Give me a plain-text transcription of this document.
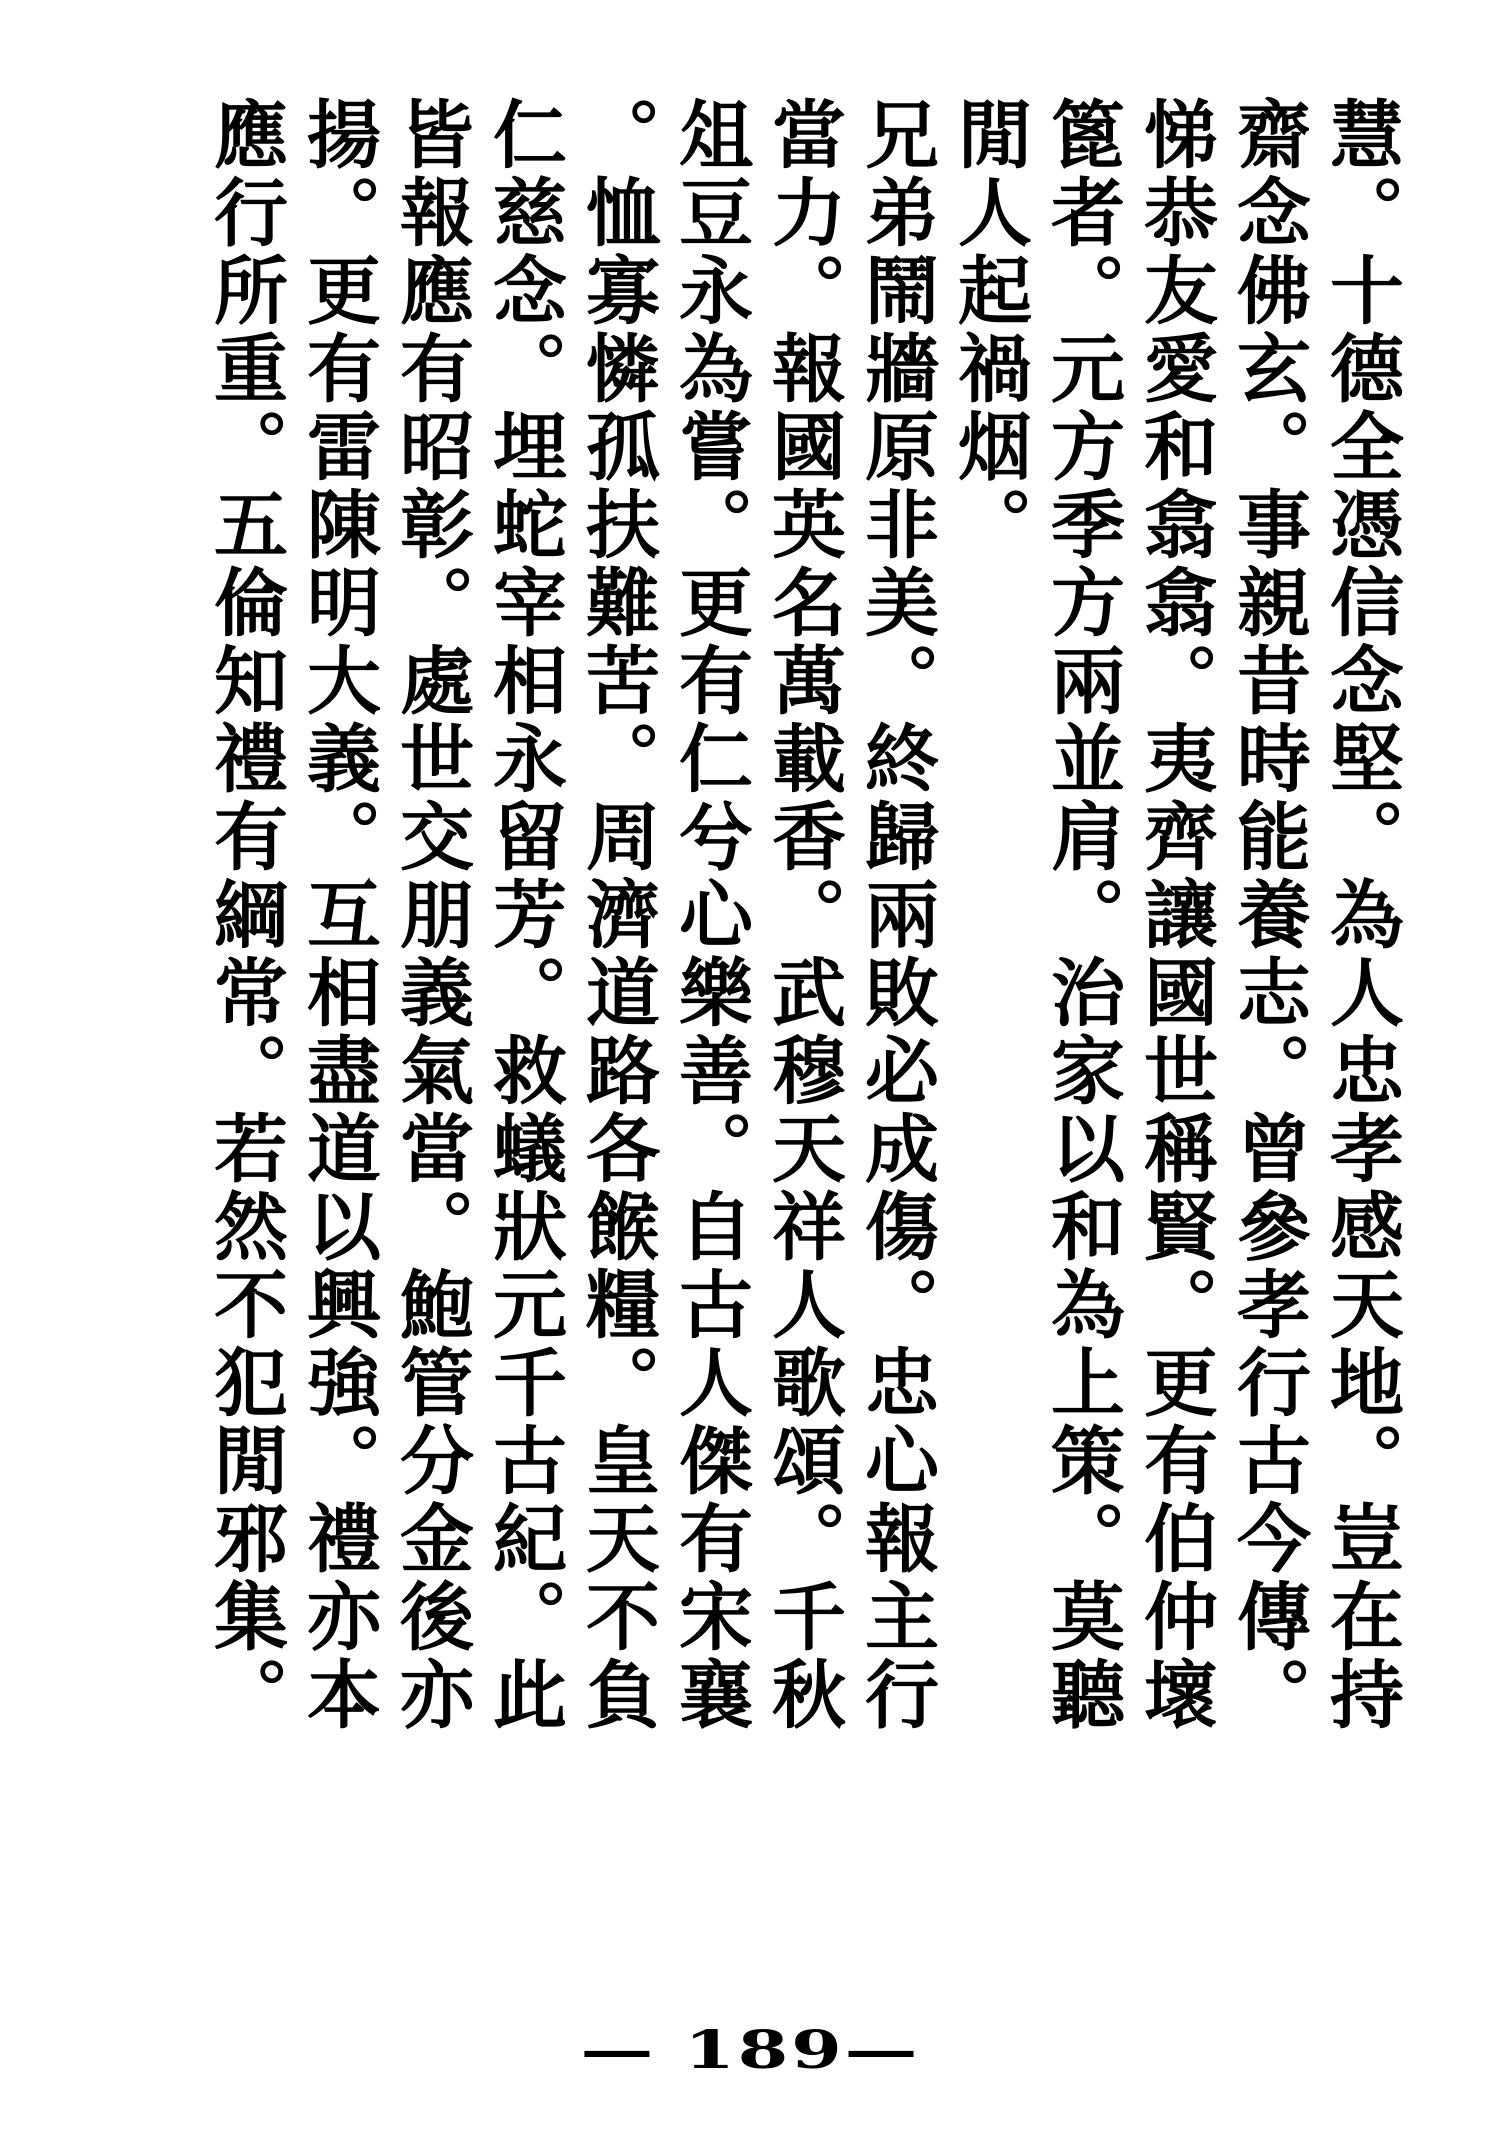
慧。十德全憑信念堅。為人忠孝感天地。豈在持
齋念佛玄。事親昔時能養志。曾參孝行古今傳。
悌恭友愛和翕翕。夷齊讓國世稱賢。更有伯仲壞
篦者。元方季方兩並肩。治家以和為上策。莫聽
閒人起禍烟。
兄弟鬧牆原非美。終歸兩敗必成傷。忠心報主行
當力。報國英名萬載香。武穆天祥人歌頌。千秋
俎豆永為嘗。更有仁兮心樂善。自古人傑有宋襄
。恤寡憐孤扶難苦。周濟道路各餱糧。皇天不負
仁慈念。埋蛇宰相永留芳。救蟻狀元千古紀。此
皆報應有昭彰。處世交朋義氣當。鮑管分金後亦
揚。更有雷陳明大義。互相盡道以興強。禮亦本
應行所重。五倫知禮有綱常。若然不犯閒邪集。
— 189—
